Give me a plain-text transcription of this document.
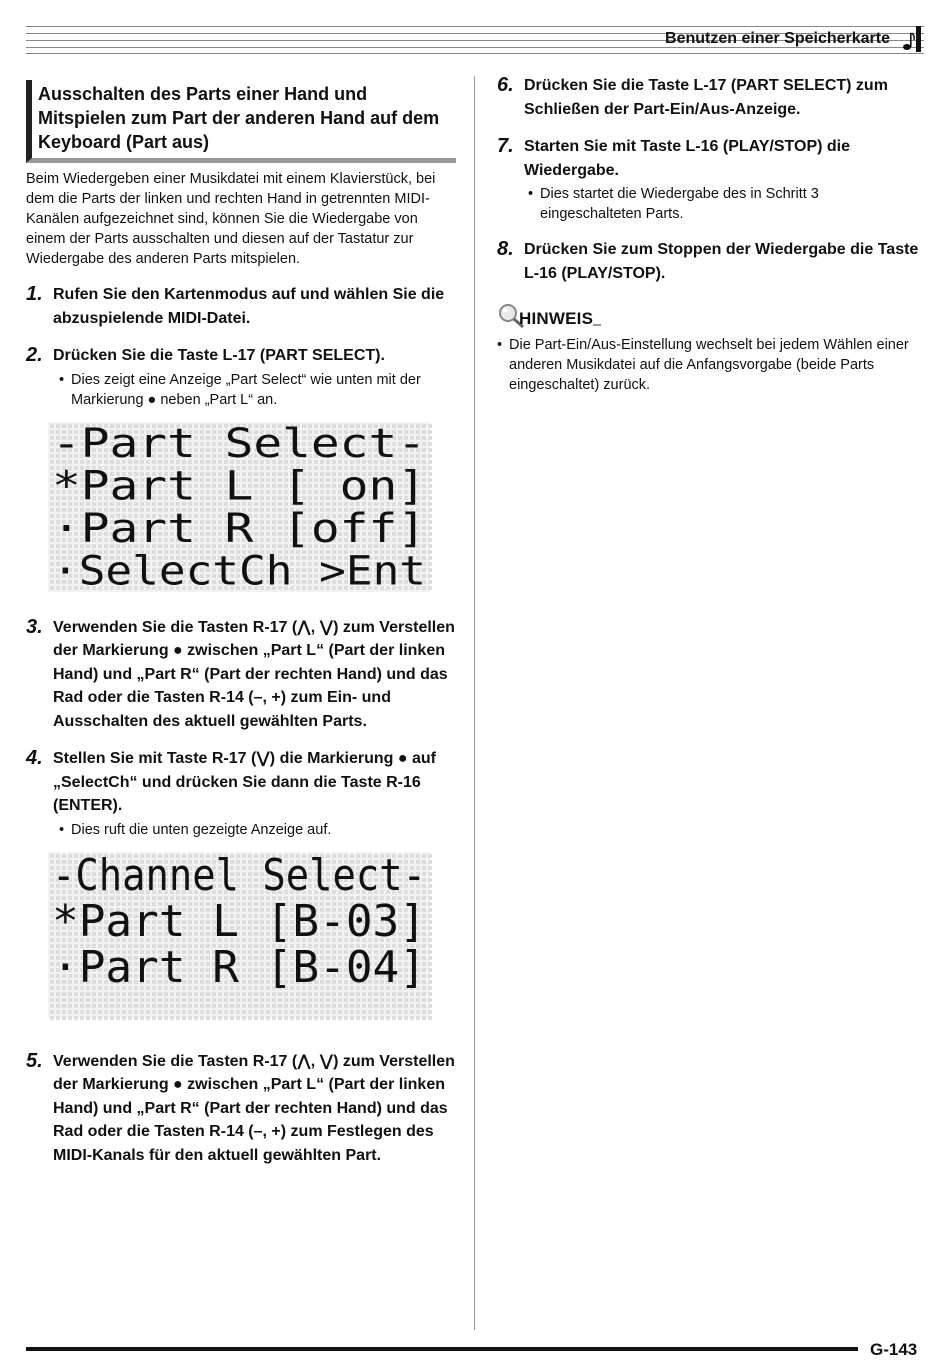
Benutzen einer Speicherkarte
Ausschalten des Parts einer Hand und Mitspielen zum Part der anderen Hand auf dem Keyboard (Part aus)

Beim Wiedergeben einer Musikdatei mit einem Klavierstück, bei dem die Parts der linken und rechten Hand in getrennten MIDI-Kanälen aufgezeichnet sind, können Sie die Wiedergabe von einem der Parts ausschalten und diesen auf der Tastatur zur Wiedergabe des anderen Parts mitspielen.

1. Rufen Sie den Kartenmodus auf und wählen Sie die abzuspielende MIDI-Datei.
2. Drücken Sie die Taste L-17 (PART SELECT).
• Dies zeigt eine Anzeige „Part Select“ wie unten mit der Markierung ● neben „Part L“ an.
-Part Select-
*Part L [ on]
·Part R [off]
·SelectCh >Ent
3. Verwenden Sie die Tasten R-17 (⋀, ⋁) zum Verstellen der Markierung ● zwischen „Part L“ (Part der linken Hand) und „Part R“ (Part der rechten Hand) und das Rad oder die Tasten R-14 (–, +) zum Ein- und Ausschalten des aktuell gewählten Parts.
4. Stellen Sie mit Taste R-17 (⋁) die Markierung ● auf „SelectCh“ und drücken Sie dann die Taste R-16 (ENTER).
• Dies ruft die unten gezeigte Anzeige auf.
-Channel Select-
*Part L [B-03]
·Part R [B-04]
5. Verwenden Sie die Tasten R-17 (⋀, ⋁) zum Verstellen der Markierung ● zwischen „Part L“ (Part der linken Hand) und „Part R“ (Part der rechten Hand) und das Rad oder die Tasten R-14 (–, +) zum Festlegen des MIDI-Kanals für den aktuell gewählten Part.
6. Drücken Sie die Taste L-17 (PART SELECT) zum Schließen der Part-Ein/Aus-Anzeige.
7. Starten Sie mit Taste L-16 (PLAY/STOP) die Wiedergabe.
• Dies startet die Wiedergabe des in Schritt 3 eingeschalteten Parts.
8. Drücken Sie zum Stoppen der Wiedergabe die Taste L-16 (PLAY/STOP).
HINWEIS
• Die Part-Ein/Aus-Einstellung wechselt bei jedem Wählen einer anderen Musikdatei auf die Anfangsvorgabe (beide Parts eingeschaltet) zurück.
G-143
